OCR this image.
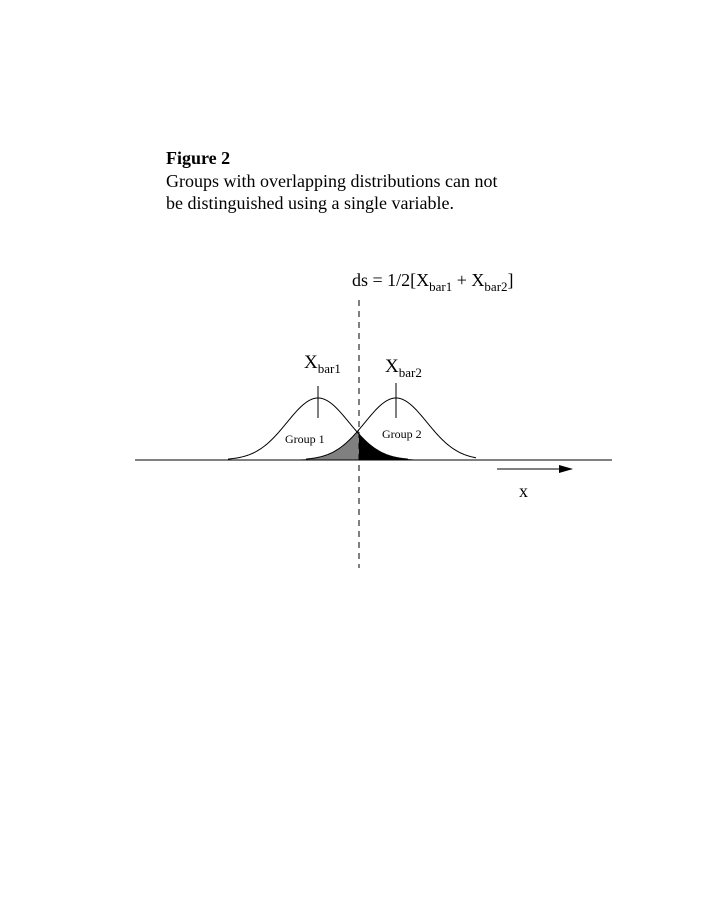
Figure 2

Groups with overlapping distributions can not

be distinguished using a single variable.

ds = $1/2[X_{bar1} + X_{bar2}]$
$X_{bar1}$ $X_{bar2}$
Group 1	Group 2
x
